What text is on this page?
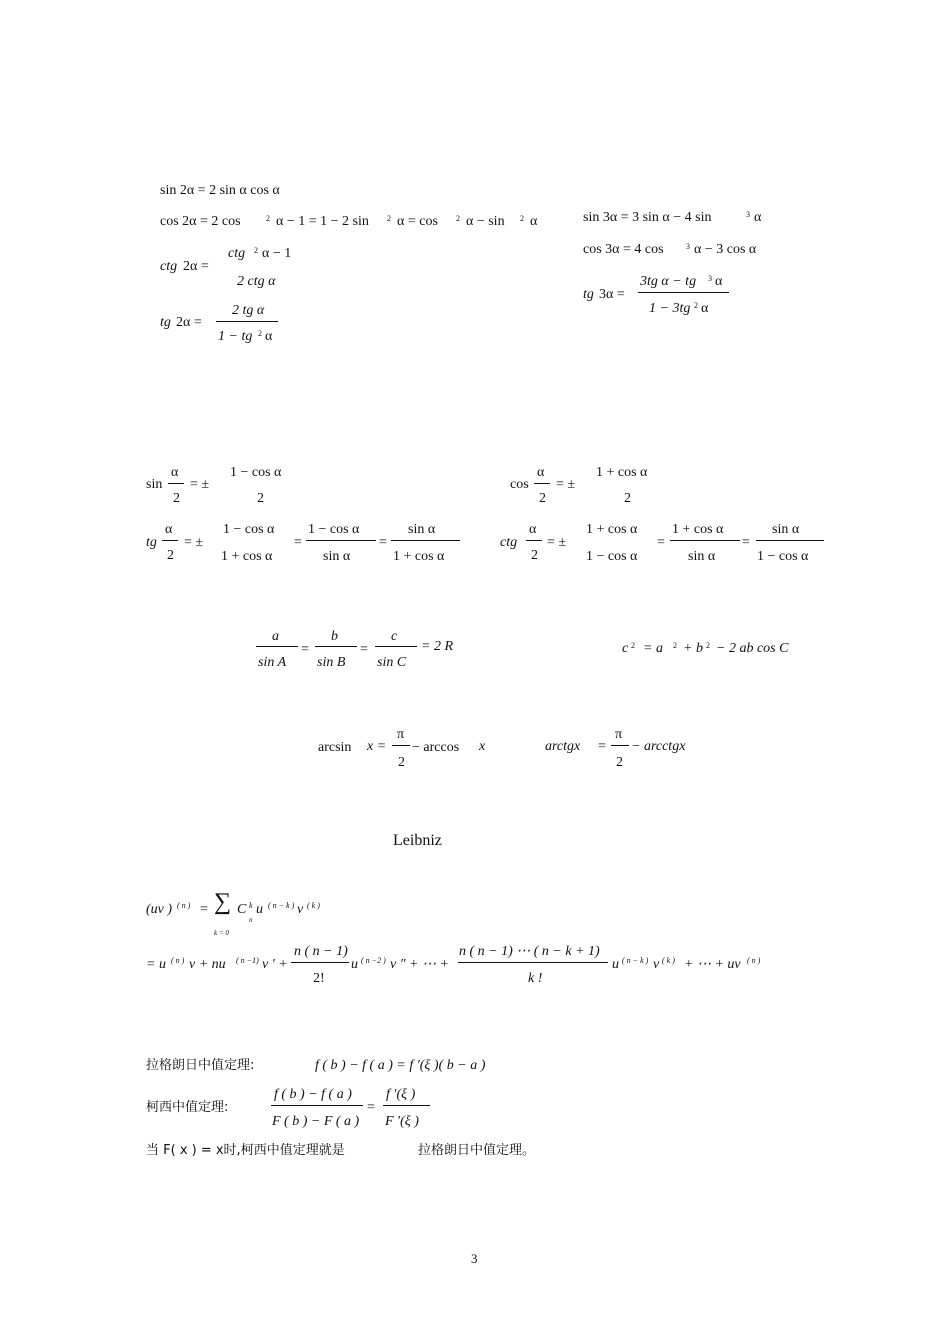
sin 2α = 2 sin α cos α
cos 2α = 2 cos	2 α − 1 = 1 − 2 sin 2 α = cos 2 α − sin 2 α
ctg 2α =
ctg 2 α − 1
2 ctg α
tg 2α =
2 tg α
1 − tg 2 α
sin 3α = 3 sin α − 4 sin	3 α
cos 3α = 4 cos	3 α − 3 cos α
tg 3α =
3tg α − tg 3 α
1 − 3tg 2 α
sin
α
2
= ±
1 − cos α
2
cos
α
2
= ±
1 + cos α
2
tg
α
2
= ±
1 − cos α
1 + cos α
=
1 − cos α
sin α
=
sin α
1 + cos α
ctg
α
2
= ±
1 + cos α
1 − cos α
=
1 + cos α
sin α
=
sin α
1 − cos α
a
sin A
=
b
sin B
=
c
sin C
= 2 R	c 2 = a 2 + b 2 − 2 ab cos C
arcsin x =
π
2
− arccos x	arctgx =
π
2
− arcctgx
Leibniz
(uv ) ( n ) = ∑ C k
n
u ( n − k ) v ( k )
k = 0
= u ( n ) v + nu ( n −1) v ′ +
n ( n − 1)
2!
u ( n −2 ) v ″ + ⋯ +
n ( n − 1) ⋯ ( n − k + 1)
k !
u ( n − k ) v ( k ) + ⋯ + uv ( n )
拉格朗日中值定理:	f ( b ) − f ( a ) = f ′(ξ )( b − a )
柯西中值定理:
f ( b ) − f ( a )
F ( b ) − F ( a )
=
f ′(ξ )
F ′(ξ )
当 F( x ) = x时,柯西中值定理就是	拉格朗日中值定理。
3
